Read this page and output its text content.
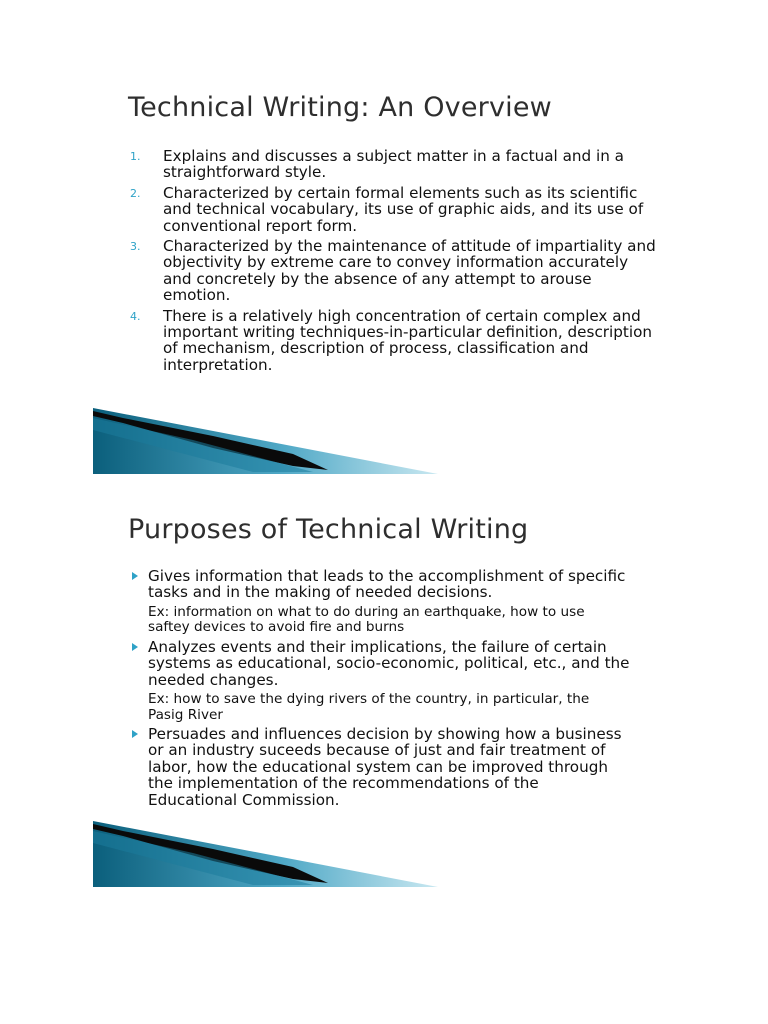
Technical Writing: An Overview
1. Explains and discusses a subject matter in a factual and in a straightforward style.
2. Characterized by certain formal elements such as its scientific and technical vocabulary, its use of graphic aids, and its use of conventional report form.
3. Characterized by the maintenance of attitude of impartiality and objectivity by extreme care to convey information accurately and concretely by the absence of any attempt to arouse emotion.
4. There is a relatively high concentration of certain complex and important writing techniques-in-particular definition, description of mechanism, description of process, classification and interpretation.
Purposes of Technical Writing
Gives information that leads to the accomplishment of specific tasks and in the making of needed decisions.
Ex: information on what to do during an earthquake, how to use saftey devices to avoid fire and burns
Analyzes events and their implications, the failure of certain systems as educational, socio-economic, political, etc., and the needed changes.
Ex: how to save the dying rivers of the country, in particular, the Pasig River
Persuades and influences decision by showing how a business or an industry suceeds because of just and fair treatment of labor, how the educational system can be improved through the implementation of the recommendations of the Educational Commission.
